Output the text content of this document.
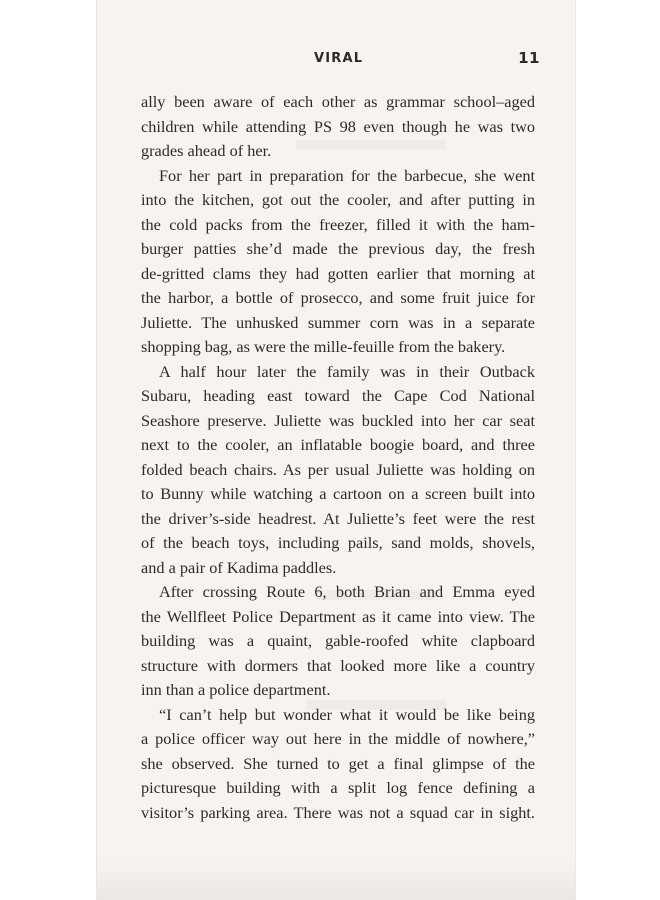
VIRAL	11
ally been aware of each other as grammar school–aged
children while attending PS 98 even though he was two
grades ahead of her.
For her part in preparation for the barbecue, she went
into the kitchen, got out the cooler, and after putting in
the cold packs from the freezer, filled it with the ham-
burger patties she’d made the previous day, the fresh
de-gritted clams they had gotten earlier that morning at
the harbor, a bottle of prosecco, and some fruit juice for
Juliette. The unhusked summer corn was in a separate
shopping bag, as were the mille-feuille from the bakery.
A half hour later the family was in their Outback
Subaru, heading east toward the Cape Cod National
Seashore preserve. Juliette was buckled into her car seat
next to the cooler, an inflatable boogie board, and three
folded beach chairs. As per usual Juliette was holding on
to Bunny while watching a cartoon on a screen built into
the driver’s-side headrest. At Juliette’s feet were the rest
of the beach toys, including pails, sand molds, shovels,
and a pair of Kadima paddles.
After crossing Route 6, both Brian and Emma eyed
the Wellfleet Police Department as it came into view. The
building was a quaint, gable-roofed white clapboard
structure with dormers that looked more like a country
inn than a police department.
“I can’t help but wonder what it would be like being
a police officer way out here in the middle of nowhere,”
she observed. She turned to get a final glimpse of the
picturesque building with a split log fence defining a
visitor’s parking area. There was not a squad car in sight.
